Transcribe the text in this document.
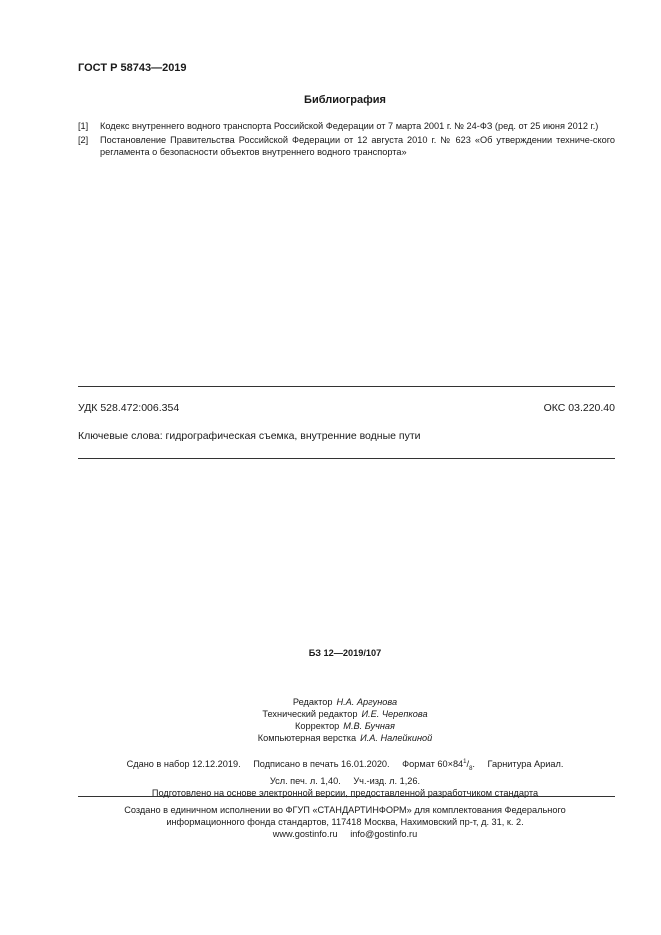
ГОСТ Р 58743—2019
Библиография
[1]	Кодекс внутреннего водного транспорта Российской Федерации от 7 марта 2001 г. № 24-ФЗ (ред. от 25 июня 2012 г.)
[2]	Постановление Правительства Российской Федерации от 12 августа 2010 г. № 623 «Об утверждении техниче-ского регламента о безопасности объектов внутреннего водного транспорта»
УДК 528.472:006.354	ОКС 03.220.40
Ключевые слова: гидрографическая съемка, внутренние водные пути
БЗ 12—2019/107
Редактор Н.А. Аргунова
Технический редактор И.Е. Черепкова
Корректор М.В. Бучная
Компьютерная верстка И.А. Налейкиной
Сдано в набор 12.12.2019. Подписано в печать 16.01.2020. Формат $60\times 84^1/_8$. Гарнитура Ариал.
Усл. печ. л. 1,40. Уч.-изд. л. 1,26.
Подготовлено на основе электронной версии, предоставленной разработчиком стандарта
Создано в единичном исполнении во ФГУП «СТАНДАРТИНФОРМ» для комплектования Федерального
информационного фонда стандартов, 117418 Москва, Нахимовский пр-т, д. 31, к. 2.
www.gostinfo.ru info@gostinfo.ru
